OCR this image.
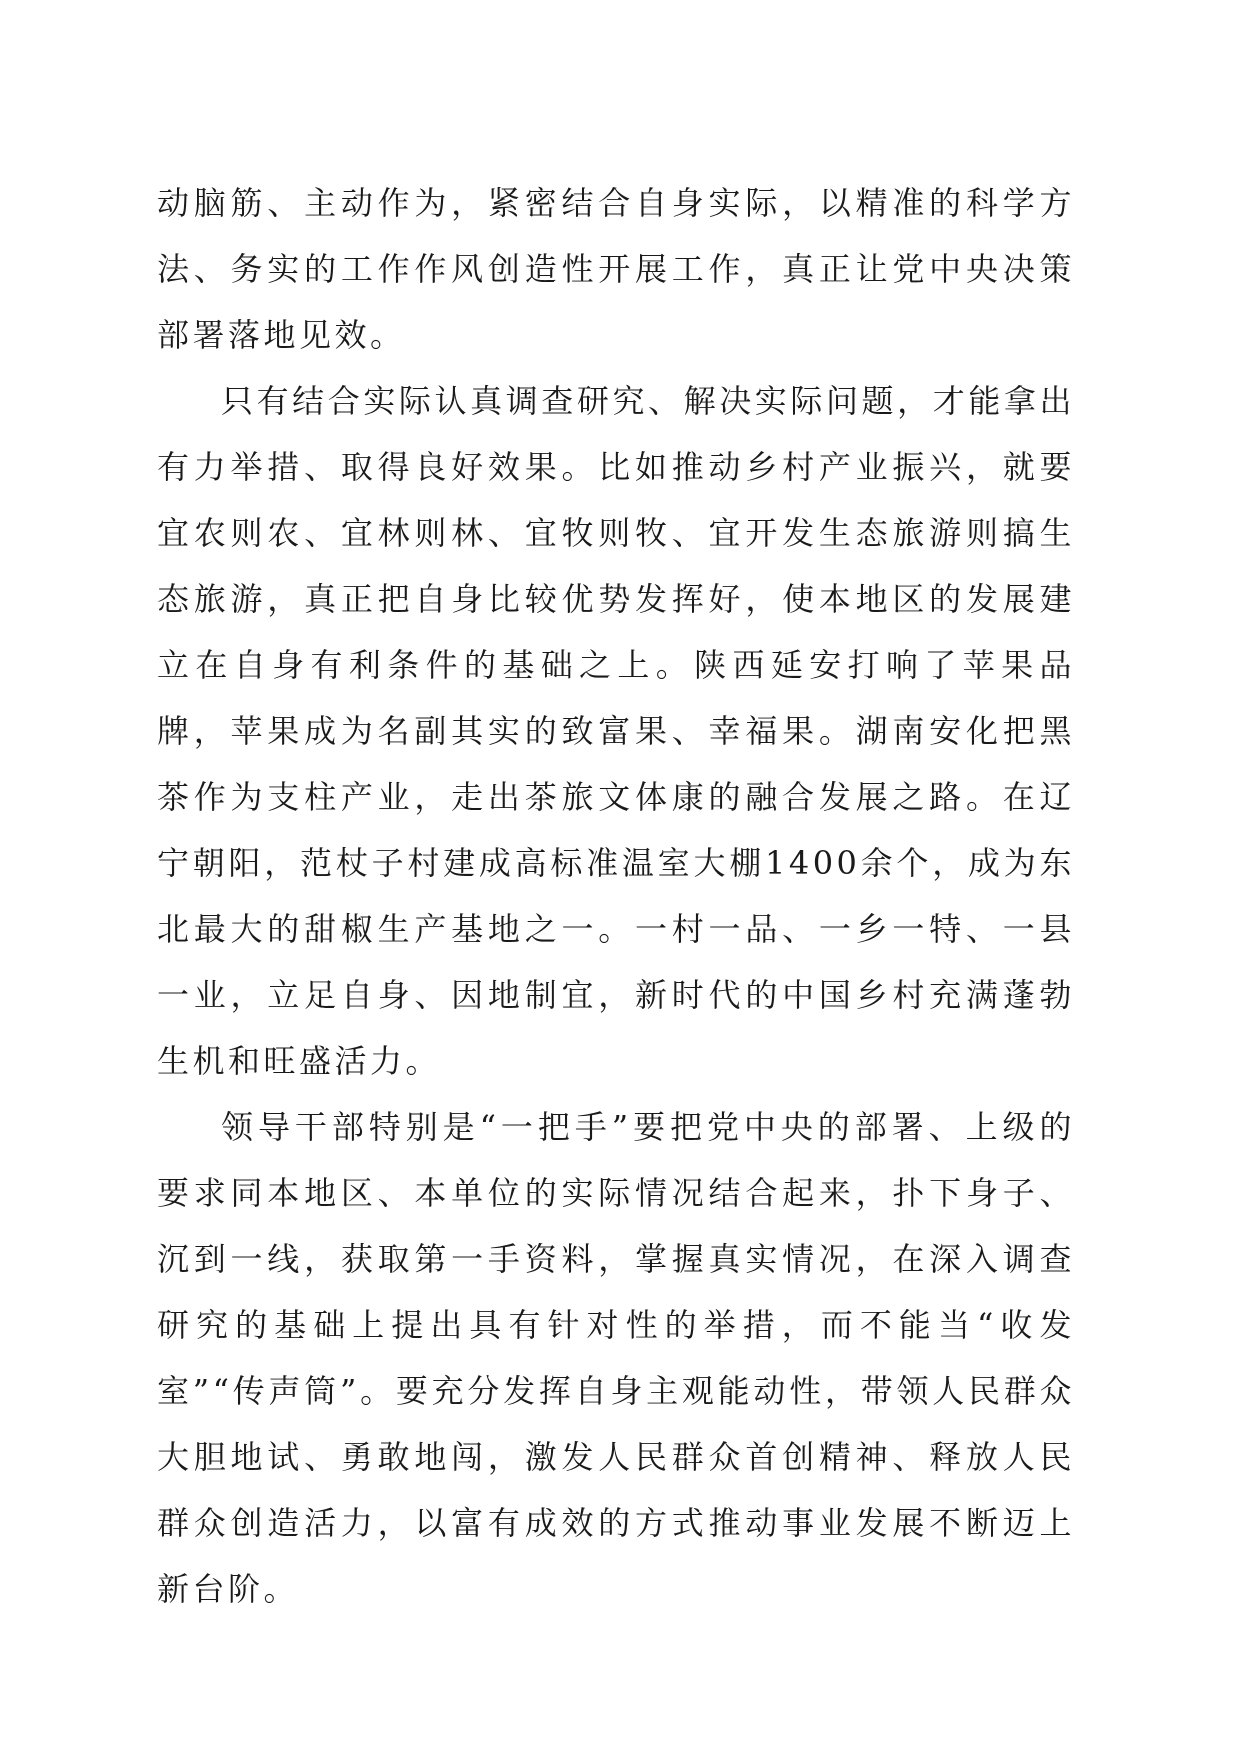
动脑筋、主动作为，紧密结合自身实际，以精准的科学方法、务实的工作作风创造性开展工作，真正让党中央决策部署落地见效。

只有结合实际认真调查研究、解决实际问题，才能拿出有力举措、取得良好效果。比如推动乡村产业振兴，就要宜农则农、宜林则林、宜牧则牧、宜开发生态旅游则搞生态旅游，真正把自身比较优势发挥好，使本地区的发展建立在自身有利条件的基础之上。陕西延安打响了苹果品牌，苹果成为名副其实的致富果、幸福果。湖南安化把黑茶作为支柱产业，走出茶旅文体康的融合发展之路。在辽宁朝阳，范杖子村建成高标准温室大棚1400余个，成为东北最大的甜椒生产基地之一。一村一品、一乡一特、一县一业，立足自身、因地制宜，新时代的中国乡村充满蓬勃生机和旺盛活力。

领导干部特别是“一把手”要把党中央的部署、上级的要求同本地区、本单位的实际情况结合起来，扑下身子、沉到一线，获取第一手资料，掌握真实情况，在深入调查研究的基础上提出具有针对性的举措，而不能当“收发室”“传声筒”。要充分发挥自身主观能动性，带领人民群众大胆地试、勇敢地闯，激发人民群众首创精神、释放人民群众创造活力，以富有成效的方式推动事业发展不断迈上新台阶。
